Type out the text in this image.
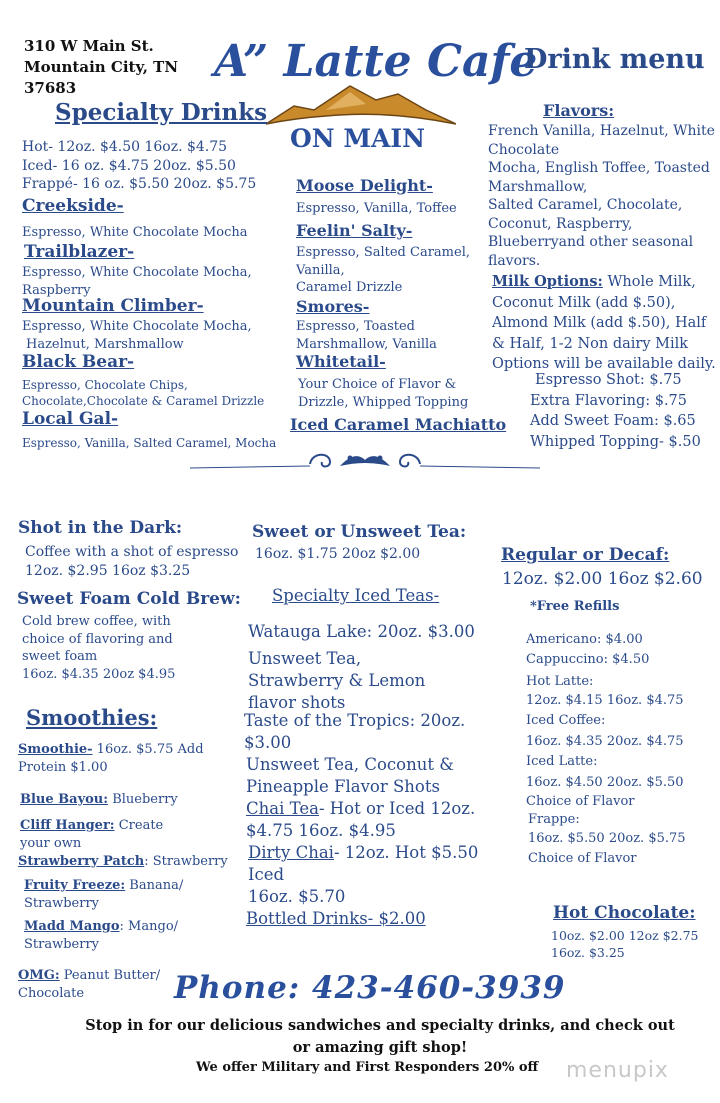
310 W Main St.
Mountain City, TN
37683
A” Latte Cafe
ON MAIN
Drink menu
Specialty Drinks
Hot- 12oz. $4.50 16oz. $4.75
Iced- 16 oz. $4.75 20oz. $5.50
Frappé- 16 oz. $5.50 20oz. $5.75
Creekside-
Espresso, White Chocolate Mocha
Trailblazer-
Espresso, White Chocolate Mocha,
Raspberry
Mountain Climber-
Espresso, White Chocolate Mocha,
Hazelnut, Marshmallow
Black Bear-
Espresso, Chocolate Chips,
Chocolate,Chocolate & Caramel Drizzle
Local Gal-
Espresso, Vanilla, Salted Caramel, Mocha
Moose Delight-
Espresso, Vanilla, Toffee
Feelin' Salty-
Espresso, Salted Caramel,
Vanilla,
Caramel Drizzle
Smores-
Espresso, Toasted
Marshmallow, Vanilla
Whitetail-
Your Choice of Flavor &
Drizzle, Whipped Topping
Iced Caramel Machiatto
Flavors:
French Vanilla, Hazelnut, White
Chocolate
Mocha, English Toffee, Toasted
Marshmallow,
Salted Caramel, Chocolate,
Coconut, Raspberry,
Blueberryand other seasonal
flavors.
Milk Options: Whole Milk,
Coconut Milk (add $.50),
Almond Milk (add $.50), Half
& Half, 1-2 Non dairy Milk
Options will be available daily.
Espresso Shot: $.75
Extra Flavoring: $.75
Add Sweet Foam: $.65
Whipped Topping- $.50
Shot in the Dark:
Coffee with a shot of espresso
12oz. $2.95 16oz $3.25
Sweet Foam Cold Brew:
Cold brew coffee, with
choice of flavoring and
sweet foam
16oz. $4.35 20oz $4.95
Smoothies:
Smoothie- 16oz. $5.75 Add
Protein $1.00
Blue Bayou: Blueberry
Cliff Hanger: Create
your own
Strawberry Patch: Strawberry
Fruity Freeze: Banana/
Strawberry
Madd Mango: Mango/
Strawberry
OMG: Peanut Butter/
Chocolate
Sweet or Unsweet Tea:
16oz. $1.75 20oz $2.00
Specialty Iced Teas-
Watauga Lake: 20oz. $3.00
Unsweet Tea,
Strawberry & Lemon
flavor shots
Taste of the Tropics: 20oz.
$3.00
Unsweet Tea, Coconut &
Pineapple Flavor Shots
Chai Tea- Hot or Iced 12oz.
$4.75 16oz. $4.95
Dirty Chai- 12oz. Hot $5.50
Iced
16oz. $5.70
Bottled Drinks- $2.00
Regular or Decaf:
12oz. $2.00 16oz $2.60
*Free Refills
Americano: $4.00
Cappuccino: $4.50
Hot Latte:
12oz. $4.15 16oz. $4.75
Iced Coffee:
16oz. $4.35 20oz. $4.75
Iced Latte:
16oz. $4.50 20oz. $5.50
Choice of Flavor
Frappe:
16oz. $5.50 20oz. $5.75
Choice of Flavor
Hot Chocolate:
10oz. $2.00 12oz $2.75
16oz. $3.25
Phone: 423-460-3939
Stop in for our delicious sandwiches and specialty drinks, and check out
or amazing gift shop!
We offer Military and First Responders 20% off menupix
